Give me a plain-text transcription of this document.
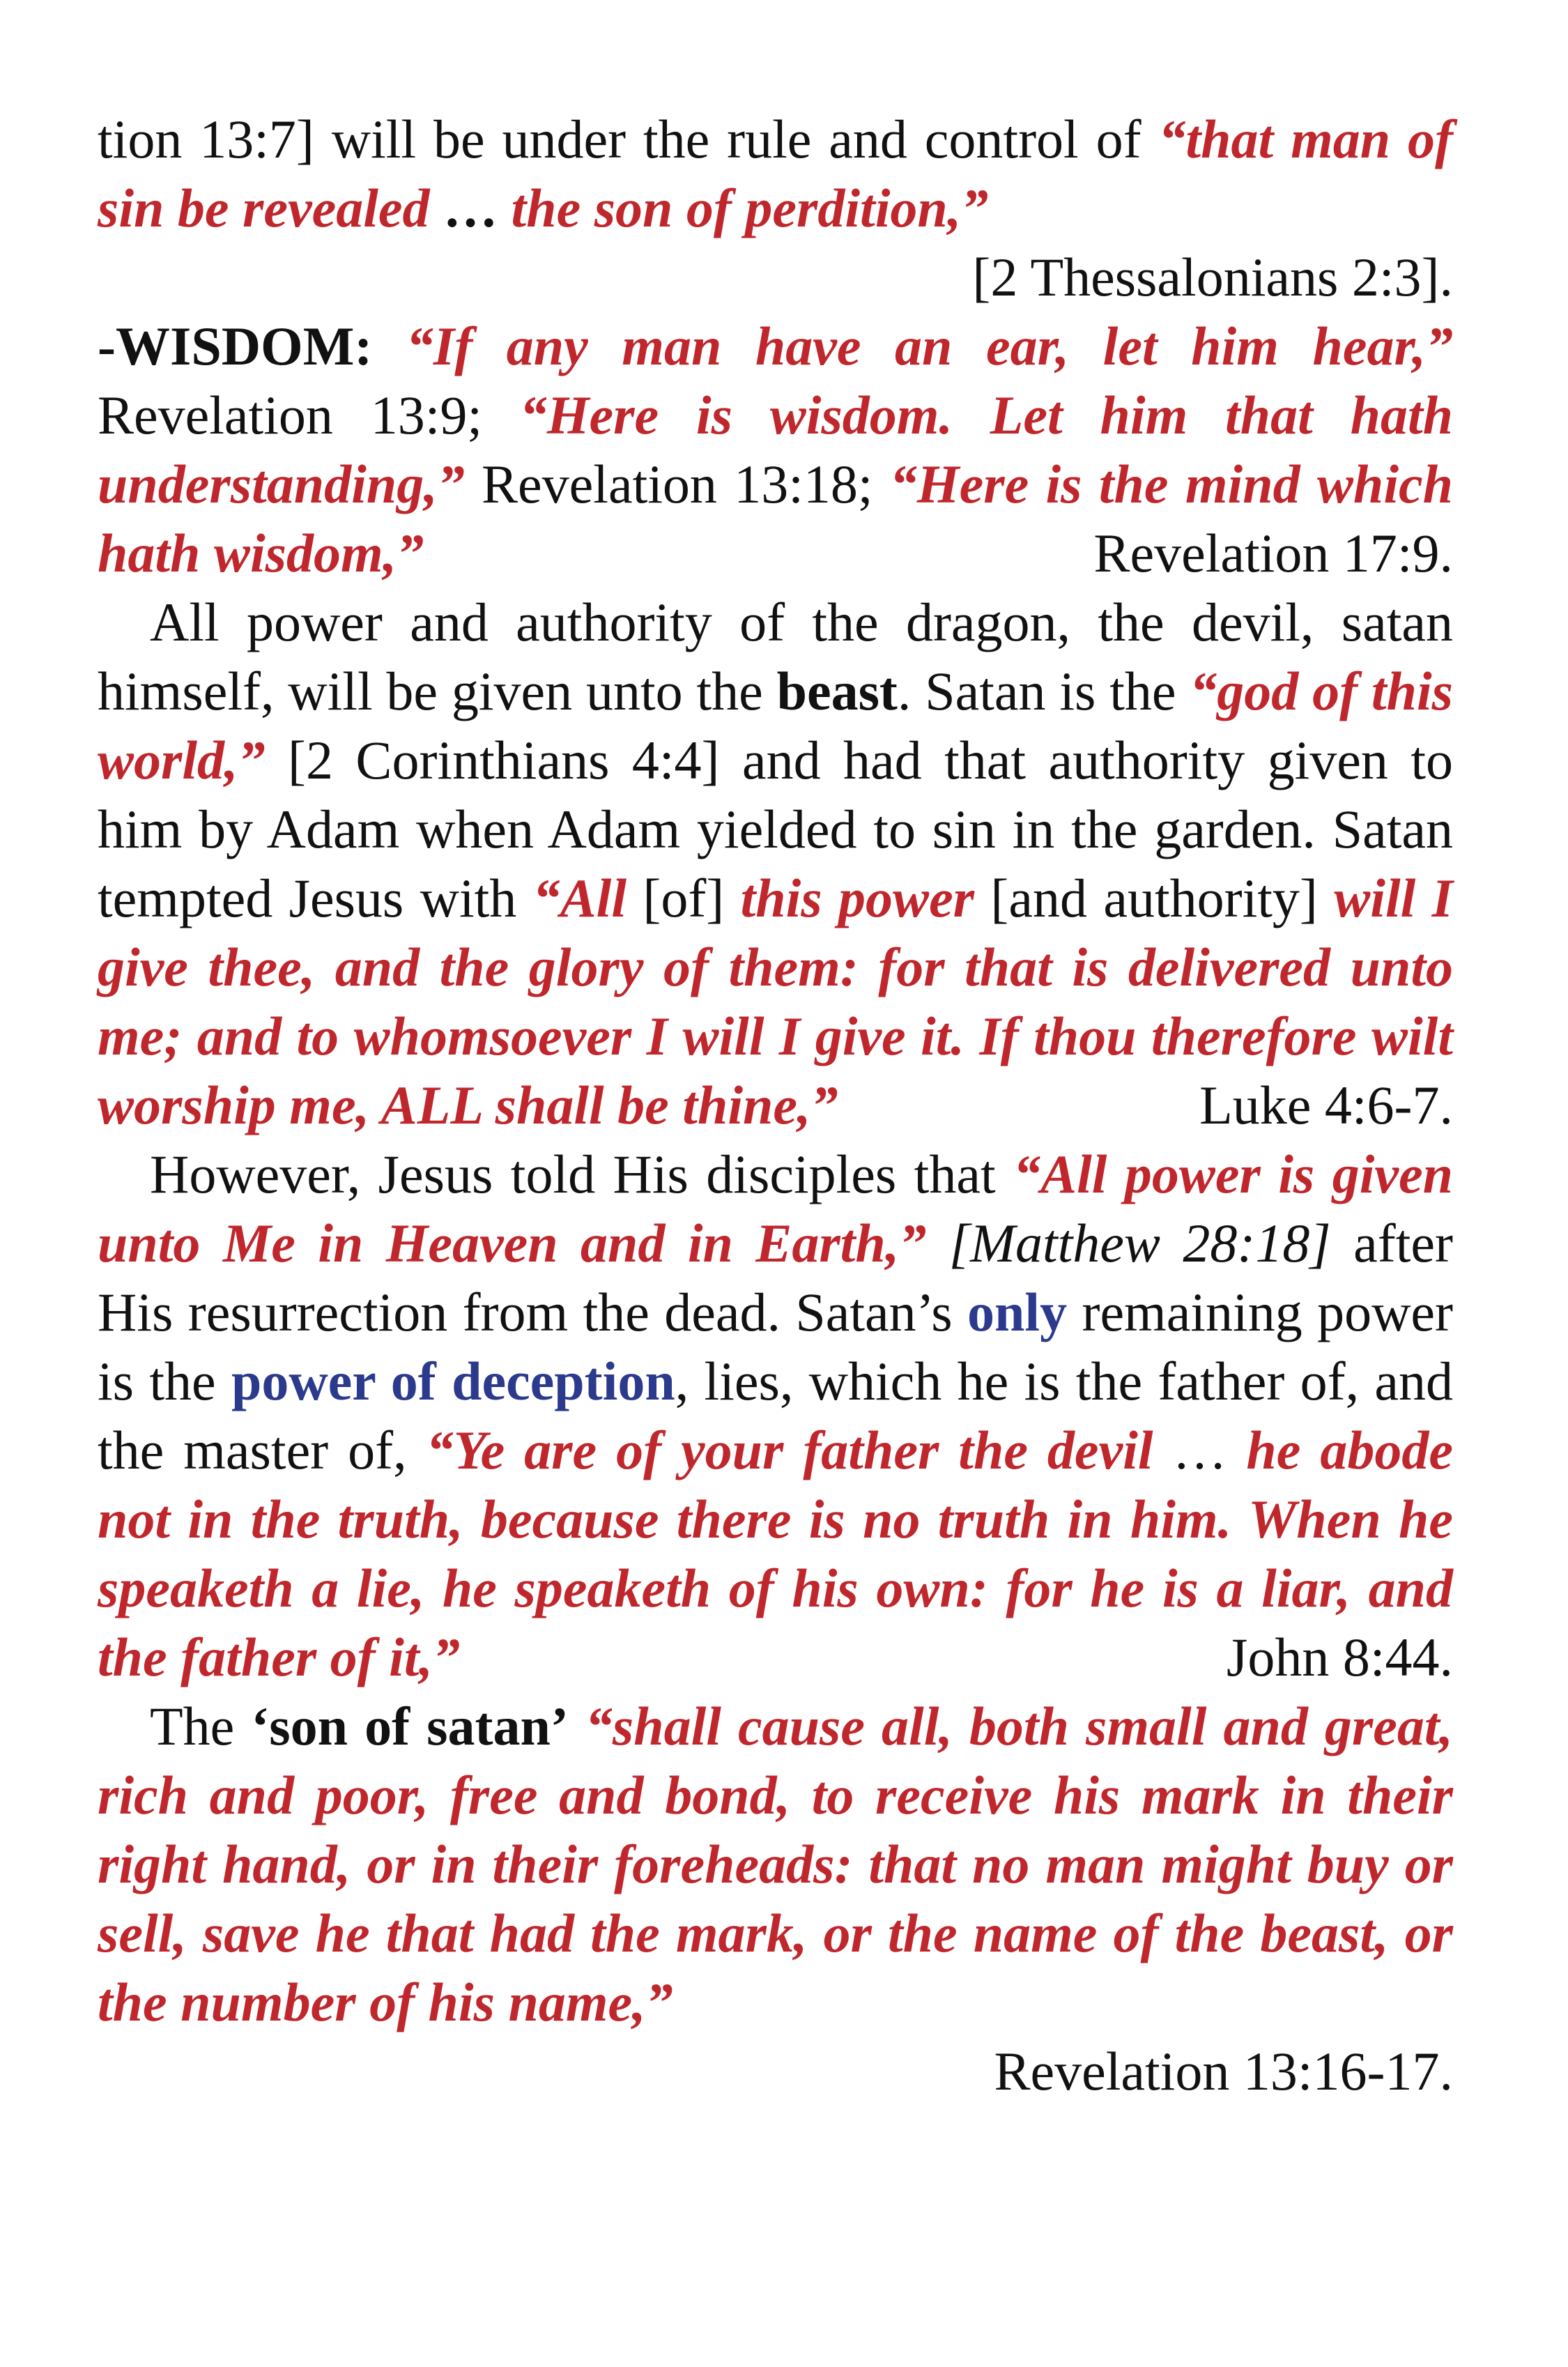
tion 13:7] will be under the rule and control of “that man of sin be revealed … the son of perdition,”
[2 Thessalonians 2:3].

-WISDOM: “If any man have an ear, let him hear,” Revelation 13:9; “Here is wisdom. Let him that hath understanding,” Revelation 13:18; “Here is the mind which hath wisdom,”	Revelation 17:9.

All power and authority of the dragon, the devil, satan himself, will be given unto the beast. Satan is the “god of this world,” [2 Corinthians 4:4] and had that authority given to him by Adam when Adam yielded to sin in the garden. Satan tempted Jesus with “All [of] this power [and authority] will I give thee, and the glory of them: for that is delivered unto me; and to whomsoever I will I give it. If thou therefore wilt worship me, ALL shall be thine,”	Luke 4:6-7.

However, Jesus told His disciples that “All power is given unto Me in Heaven and in Earth,” [Matthew 28:18] after His resurrection from the dead. Satan’s only remaining power is the power of deception, lies, which he is the father of, and the master of, “Ye are of your father the devil … he abode not in the truth, because there is no truth in him. When he speaketh a lie, he speaketh of his own: for he is a liar, and the father of it,”	John 8:44.

The ‘son of satan’ “shall cause all, both small and great, rich and poor, free and bond, to receive his mark in their right hand, or in their foreheads: that no man might buy or sell, save he that had the mark, or the name of the beast, or the number of his name,”
Revelation 13:16-17.
